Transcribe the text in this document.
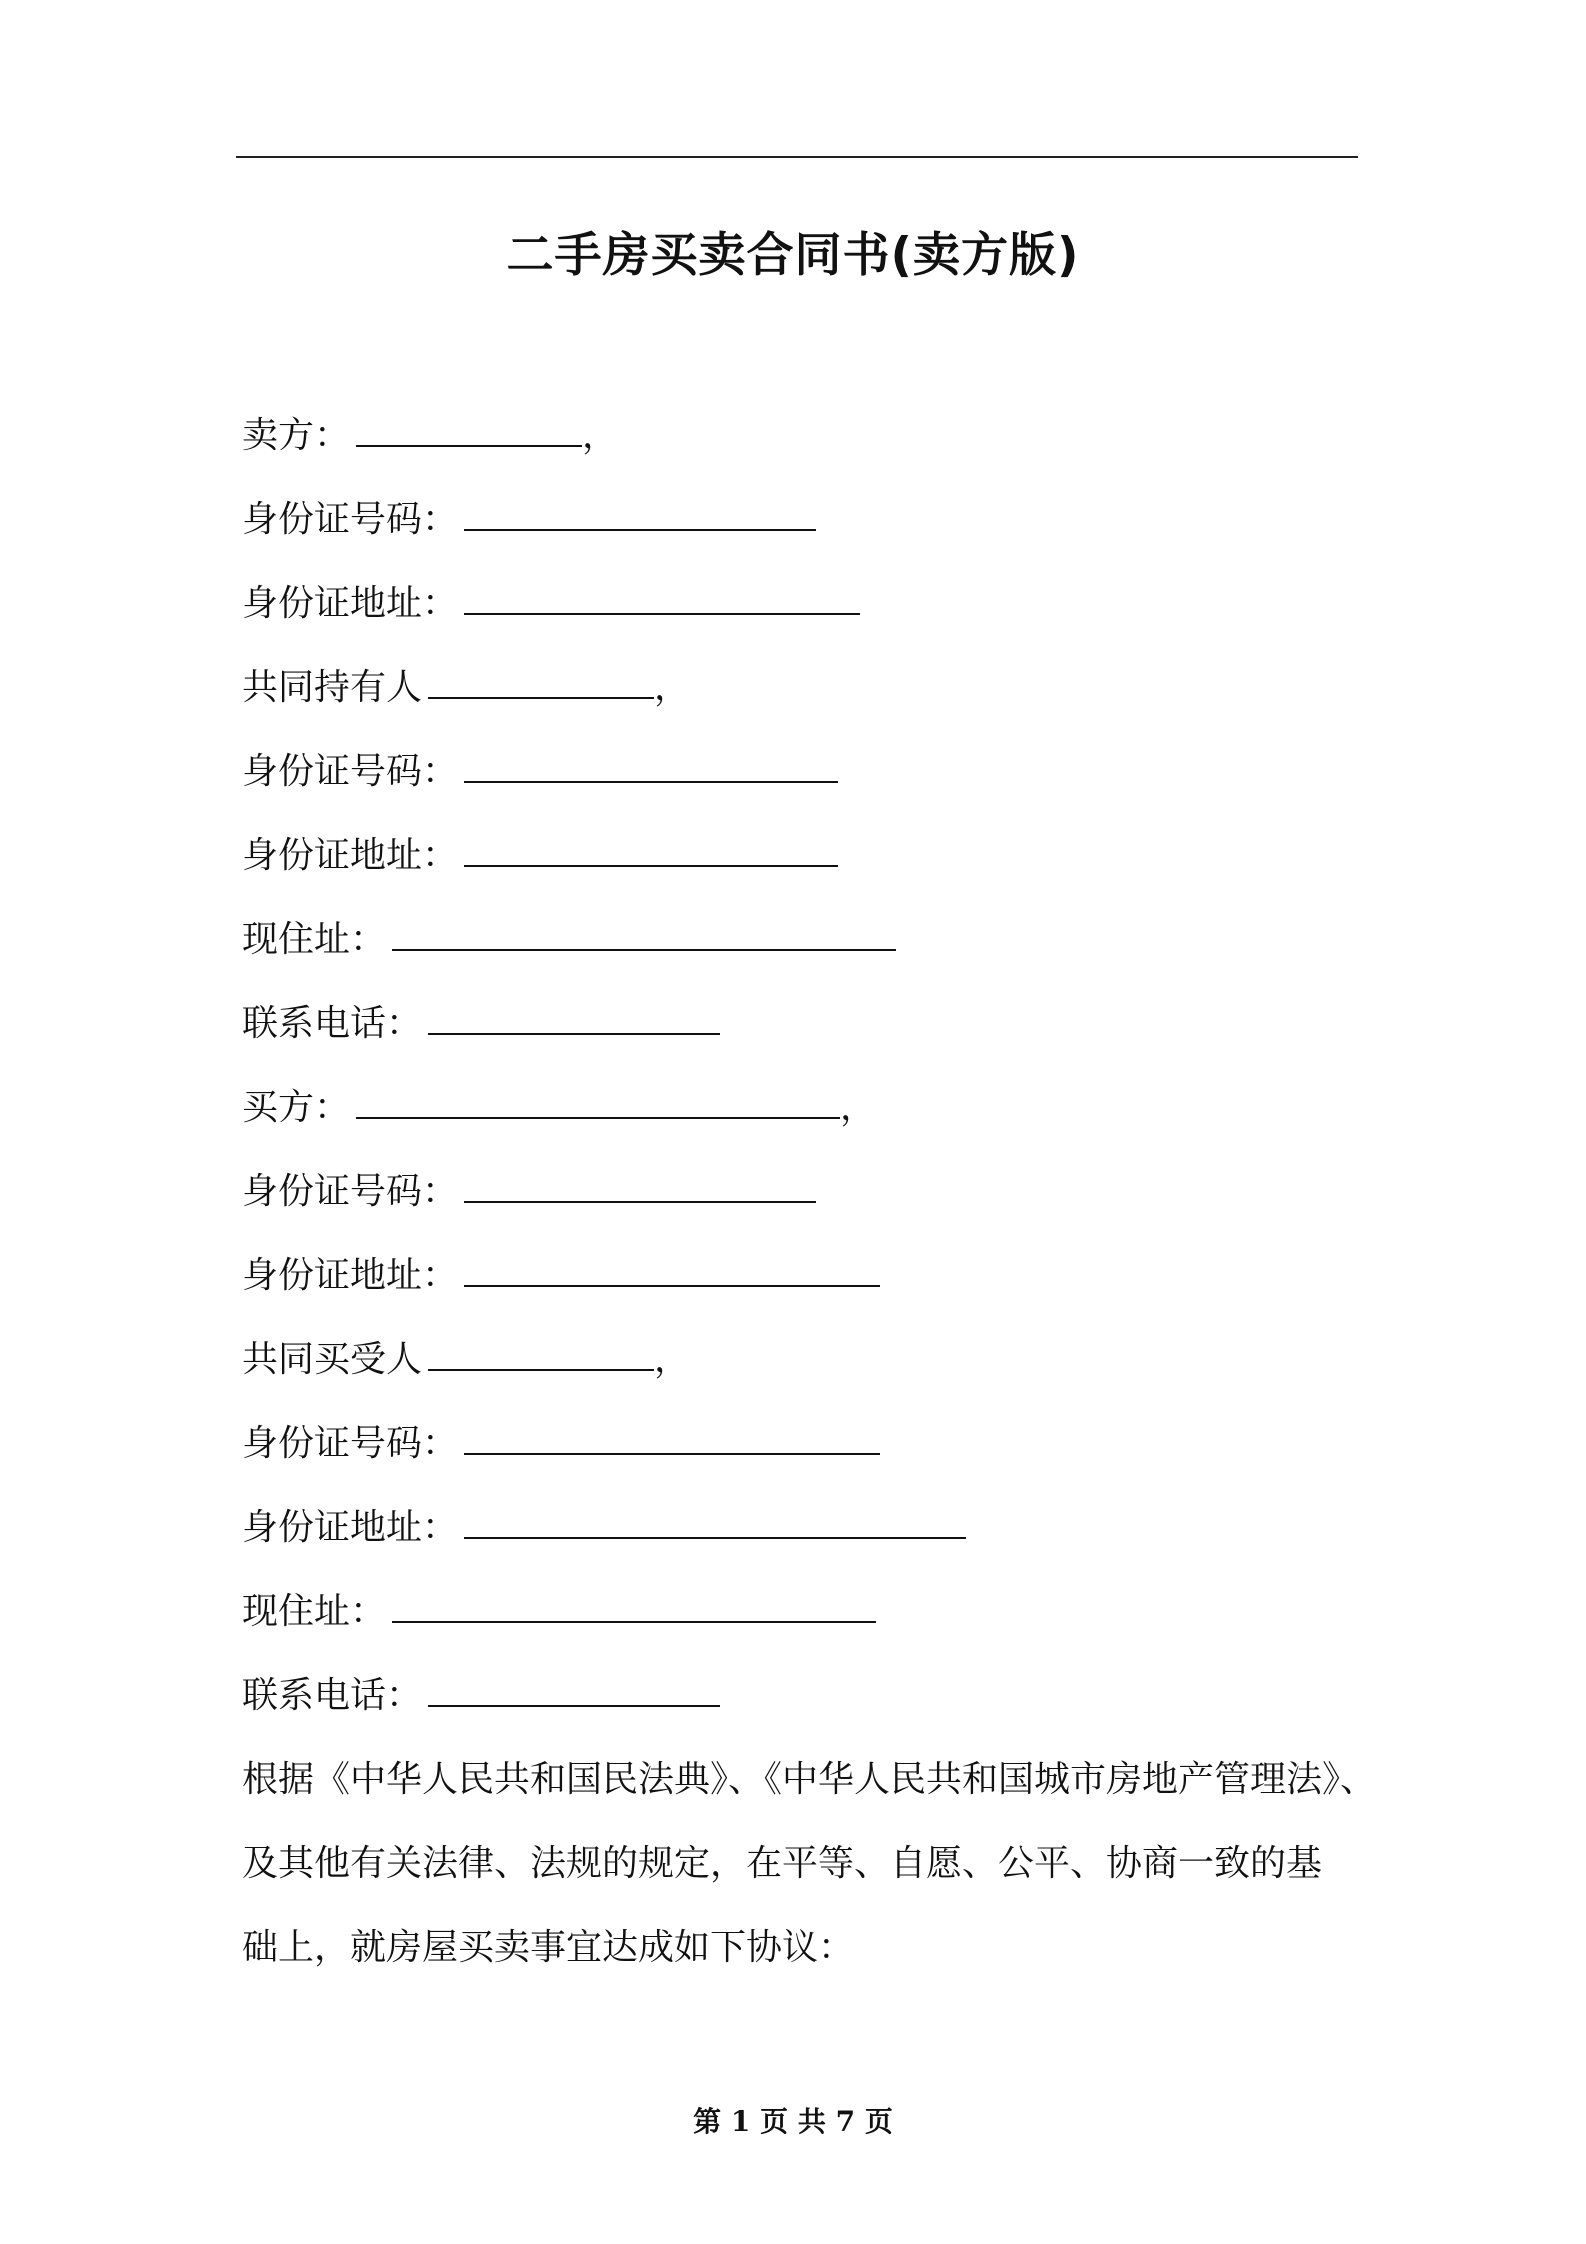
二手房买卖合同书(卖方版)
卖方：	，
身份证号码：
身份证地址：
共同持有人	，
身份证号码：
身份证地址：
现住址：
联系电话：
买方：	，
身份证号码：
身份证地址：
共同买受人	，
身份证号码：
身份证地址：
现住址：
联系电话：
根据《中华人民共和国民法典》、《中华人民共和国城市房地产管理法》、
及其他有关法律、法规的规定，在平等、自愿、公平、协商一致的基
础上，就房屋买卖事宜达成如下协议：
第 1 页 共 7 页
